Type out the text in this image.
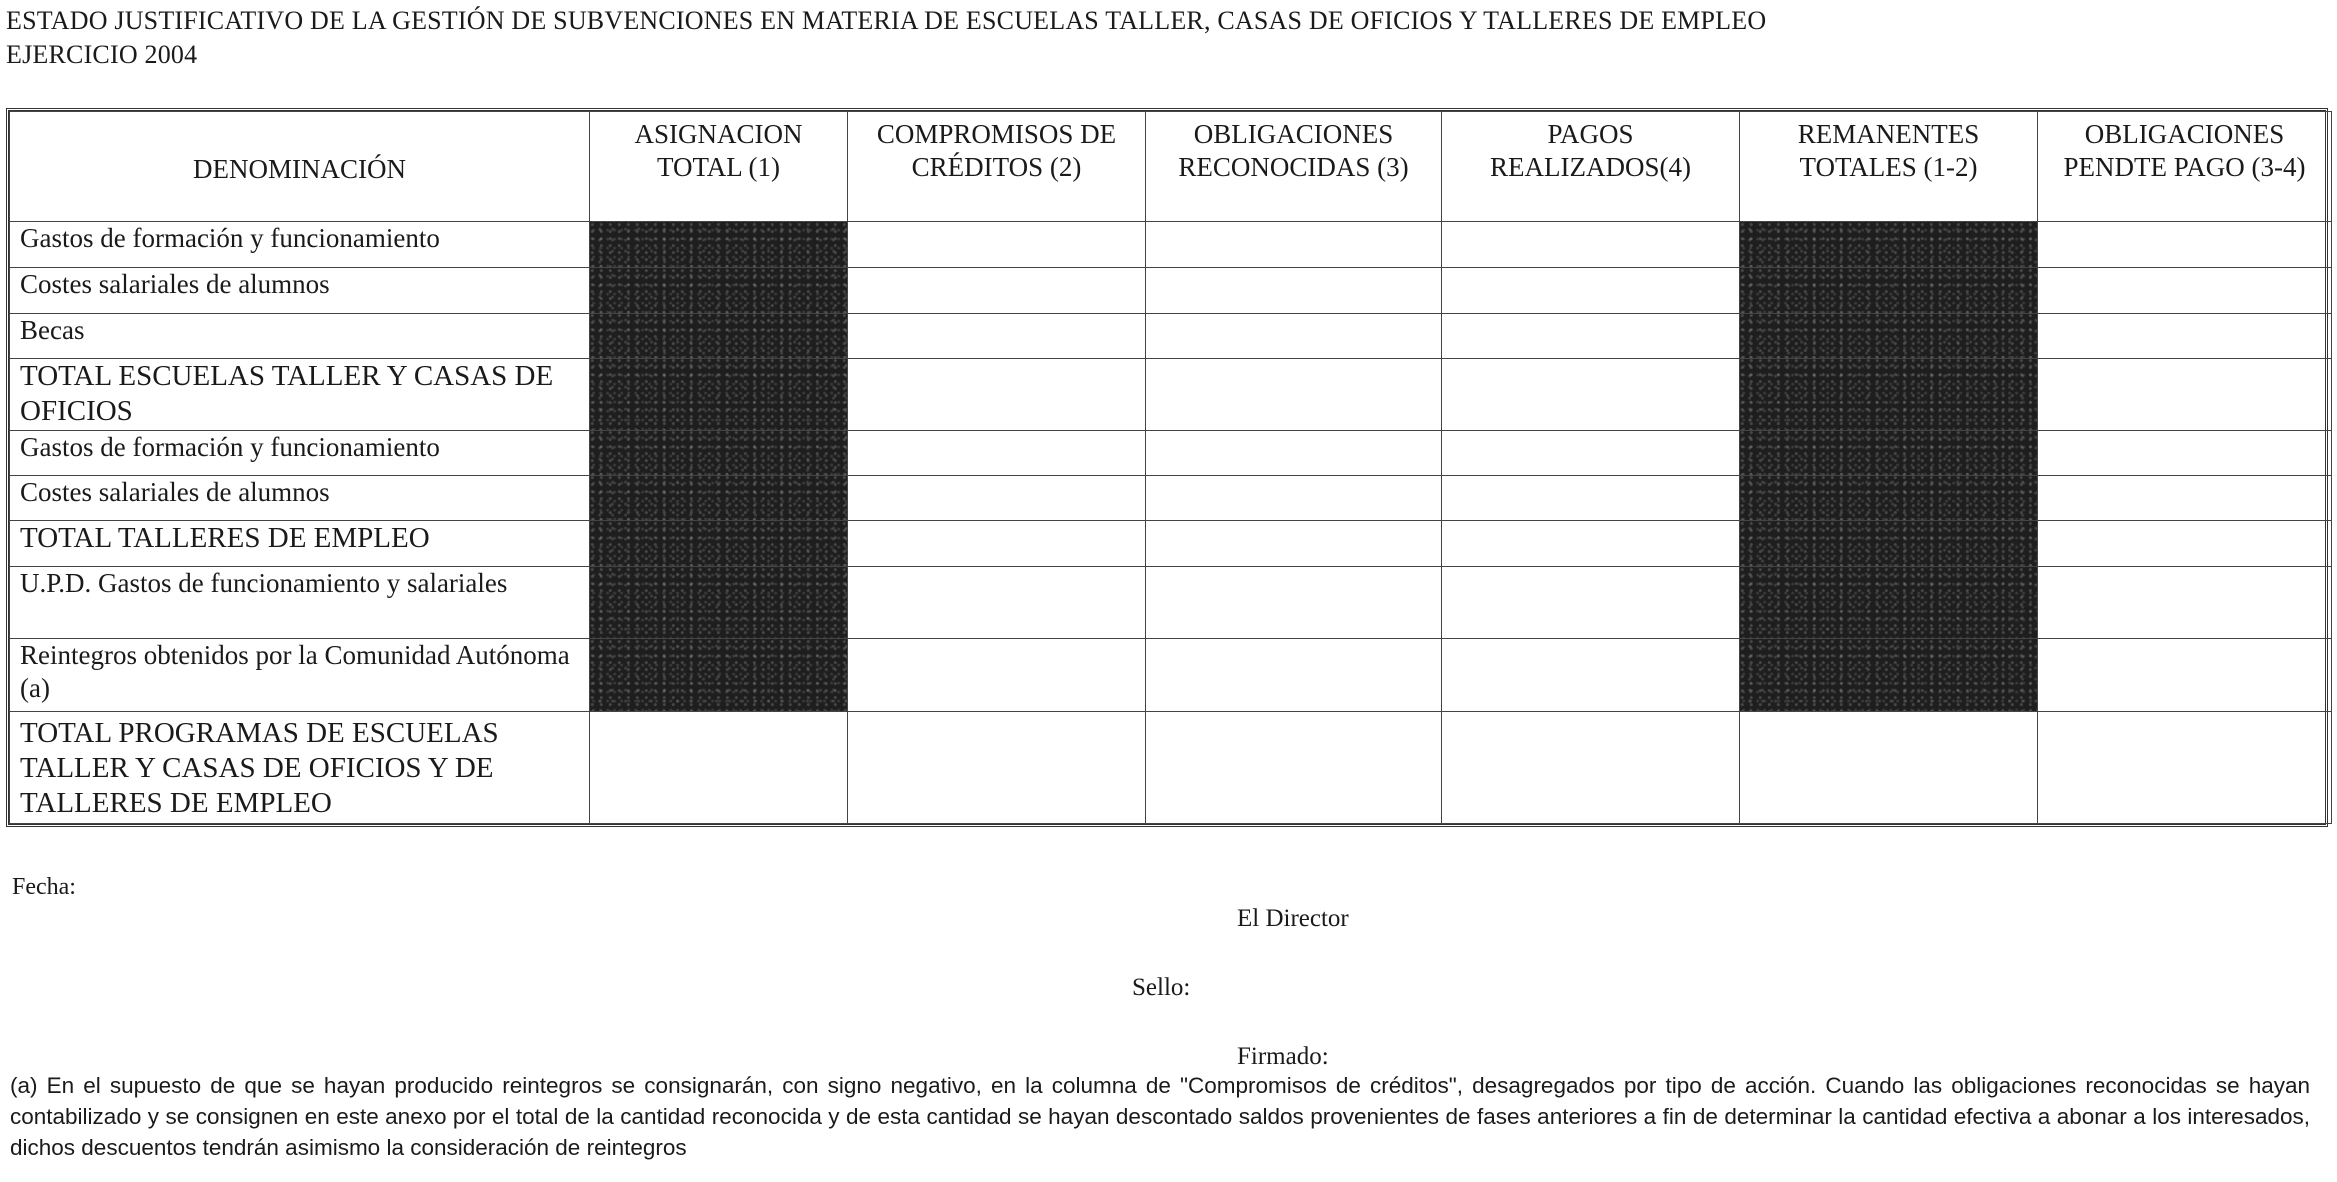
ESTADO JUSTIFICATIVO DE LA GESTIÓN DE SUBVENCIONES EN MATERIA DE ESCUELAS TALLER, CASAS DE OFICIOS Y TALLERES DE EMPLEO
EJERCICIO 2004
DENOMINACIÓN	ASIGNACION TOTAL (1)	COMPROMISOS DE CRÉDITOS (2)	OBLIGACIONES RECONOCIDAS (3)	PAGOS REALIZADOS(4)	REMANENTES TOTALES (1-2)	OBLIGACIONES PENDTE PAGO (3-4)
Gastos de formación y funcionamiento						
Costes salariales de alumnos						
Becas						
TOTAL ESCUELAS TALLER Y CASAS DE OFICIOS						
Gastos de formación y funcionamiento						
Costes salariales de alumnos						
TOTAL TALLERES DE EMPLEO						
U.P.D. Gastos de funcionamiento y salariales						
Reintegros obtenidos por la Comunidad Autónoma (a)						
TOTAL PROGRAMAS DE ESCUELAS TALLER Y CASAS DE OFICIOS Y DE TALLERES DE EMPLEO						
Fecha:
El Director
Sello:
Firmado:
(a) En el supuesto de que se hayan producido reintegros se consignarán, con signo negativo, en la columna de "Compromisos de créditos", desagregados por tipo de acción. Cuando las obligaciones reconocidas se hayan contabilizado y se consignen en este anexo por el total de la cantidad reconocida y de esta cantidad se hayan descontado saldos provenientes de fases anteriores a fin de determinar la cantidad efectiva a abonar a los interesados, dichos descuentos tendrán asimismo la consideración de reintegros
